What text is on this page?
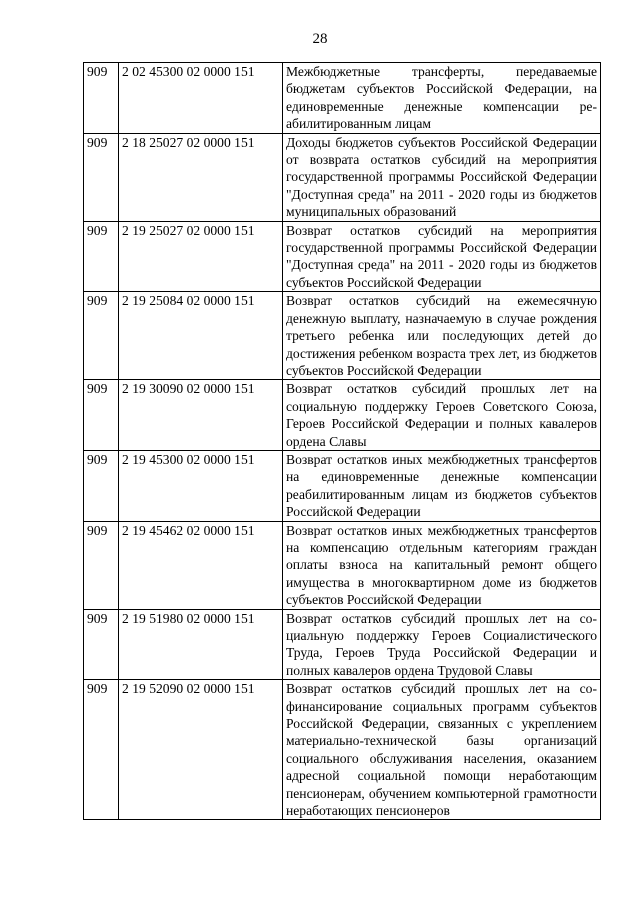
28
909	2 02 45300 02 0000 151	Межбюджетные трансферты, передаваемые бюджетам субъектов Российской Федерации, на единовременные денежные компенсации реабилитированным лицам
909	2 18 25027 02 0000 151	Доходы бюджетов субъектов Российской Федерации от возврата остатков субсидий на мероприятия государственной программы Российской Федерации "Доступная среда" на 2011 - 2020 годы из бюджетов муниципальных образований
909	2 19 25027 02 0000 151	Возврат остатков субсидий на мероприятия государственной программы Российской Федерации "Доступная среда" на 2011 - 2020 годы из бюджетов субъектов Российской Федерации
909	2 19 25084 02 0000 151	Возврат остатков субсидий на ежемесячную денежную выплату, назначаемую в случае рождения третьего ребенка или последующих детей до достижения ребенком возраста трех лет, из бюджетов субъектов Российской Федерации
909	2 19 30090 02 0000 151	Возврат остатков субсидий прошлых лет на социальную поддержку Героев Советского Союза, Героев Российской Федерации и полных кавалеров ордена Славы
909	2 19 45300 02 0000 151	Возврат остатков иных межбюджетных трансфертов на единовременные денежные компенсации реабилитированным лицам из бюджетов субъектов Российской Федерации
909	2 19 45462 02 0000 151	Возврат остатков иных межбюджетных трансфертов на компенсацию отдельным категориям граждан оплаты взноса на капитальный ремонт общего имущества в многоквартирном доме из бюджетов субъектов Российской Федерации
909	2 19 51980 02 0000 151	Возврат остатков субсидий прошлых лет на социальную поддержку Героев Социалистического Труда, Героев Труда Российской Федерации и полных кавалеров ордена Трудовой Славы
909	2 19 52090 02 0000 151	Возврат остатков субсидий прошлых лет на софинансирование социальных программ субъектов Российской Федерации, связанных с укреплением материально-технической базы организаций социального обслуживания населения, оказанием адресной социальной помощи неработающим пенсионерам, обучением компьютерной грамотности неработающих пенсионеров
